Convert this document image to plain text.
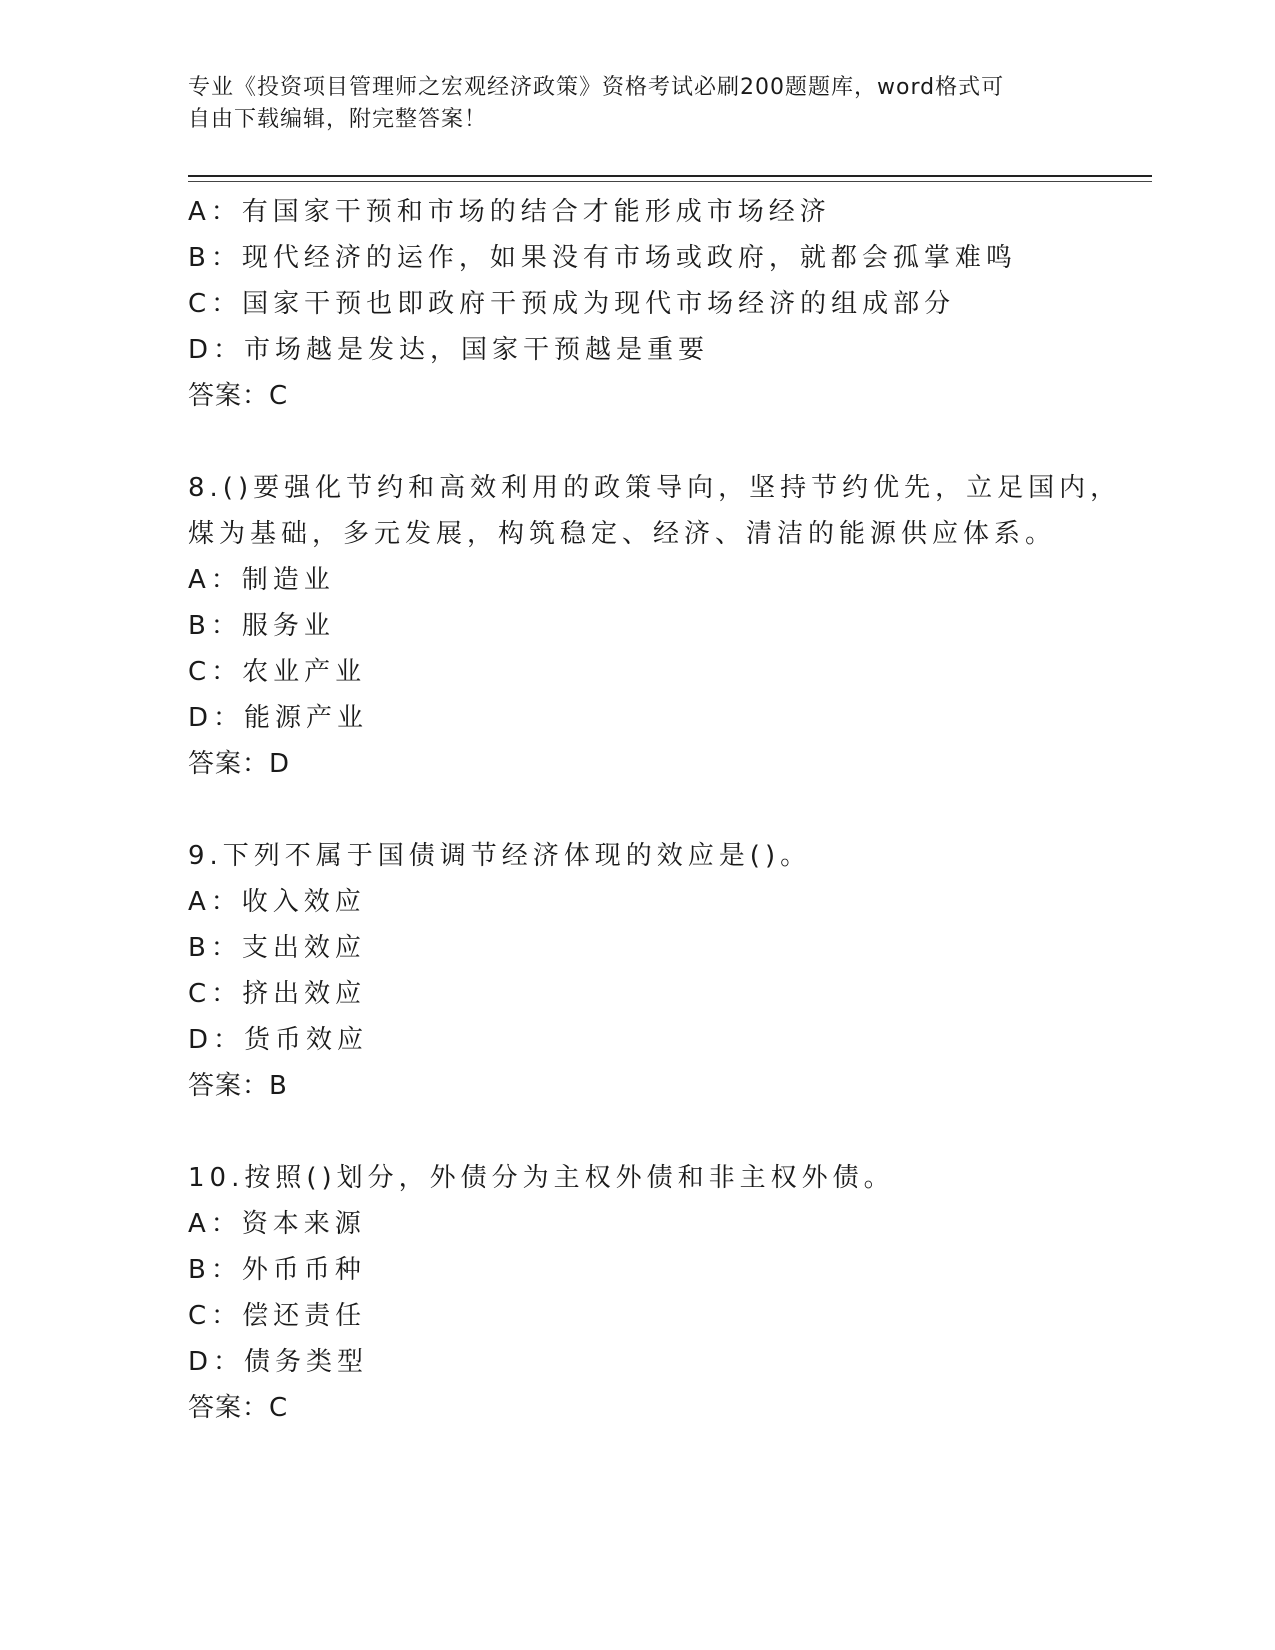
专业《投资项目管理师之宏观经济政策》资格考试必刷200题题库，word格式可
自由下载编辑，附完整答案！
A：有国家干预和市场的结合才能形成市场经济
B：现代经济的运作，如果没有市场或政府，就都会孤掌难鸣
C：国家干预也即政府干预成为现代市场经济的组成部分
D：市场越是发达，国家干预越是重要
答案：C
8.()要强化节约和高效利用的政策导向，坚持节约优先，立足国内，
煤为基础，多元发展，构筑稳定、经济、清洁的能源供应体系。
A：制造业
B：服务业
C：农业产业
D：能源产业
答案：D
9.下列不属于国债调节经济体现的效应是()。
A：收入效应
B：支出效应
C：挤出效应
D：货币效应
答案：B
10.按照()划分，外债分为主权外债和非主权外债。
A：资本来源
B：外币币种
C：偿还责任
D：债务类型
答案：C
